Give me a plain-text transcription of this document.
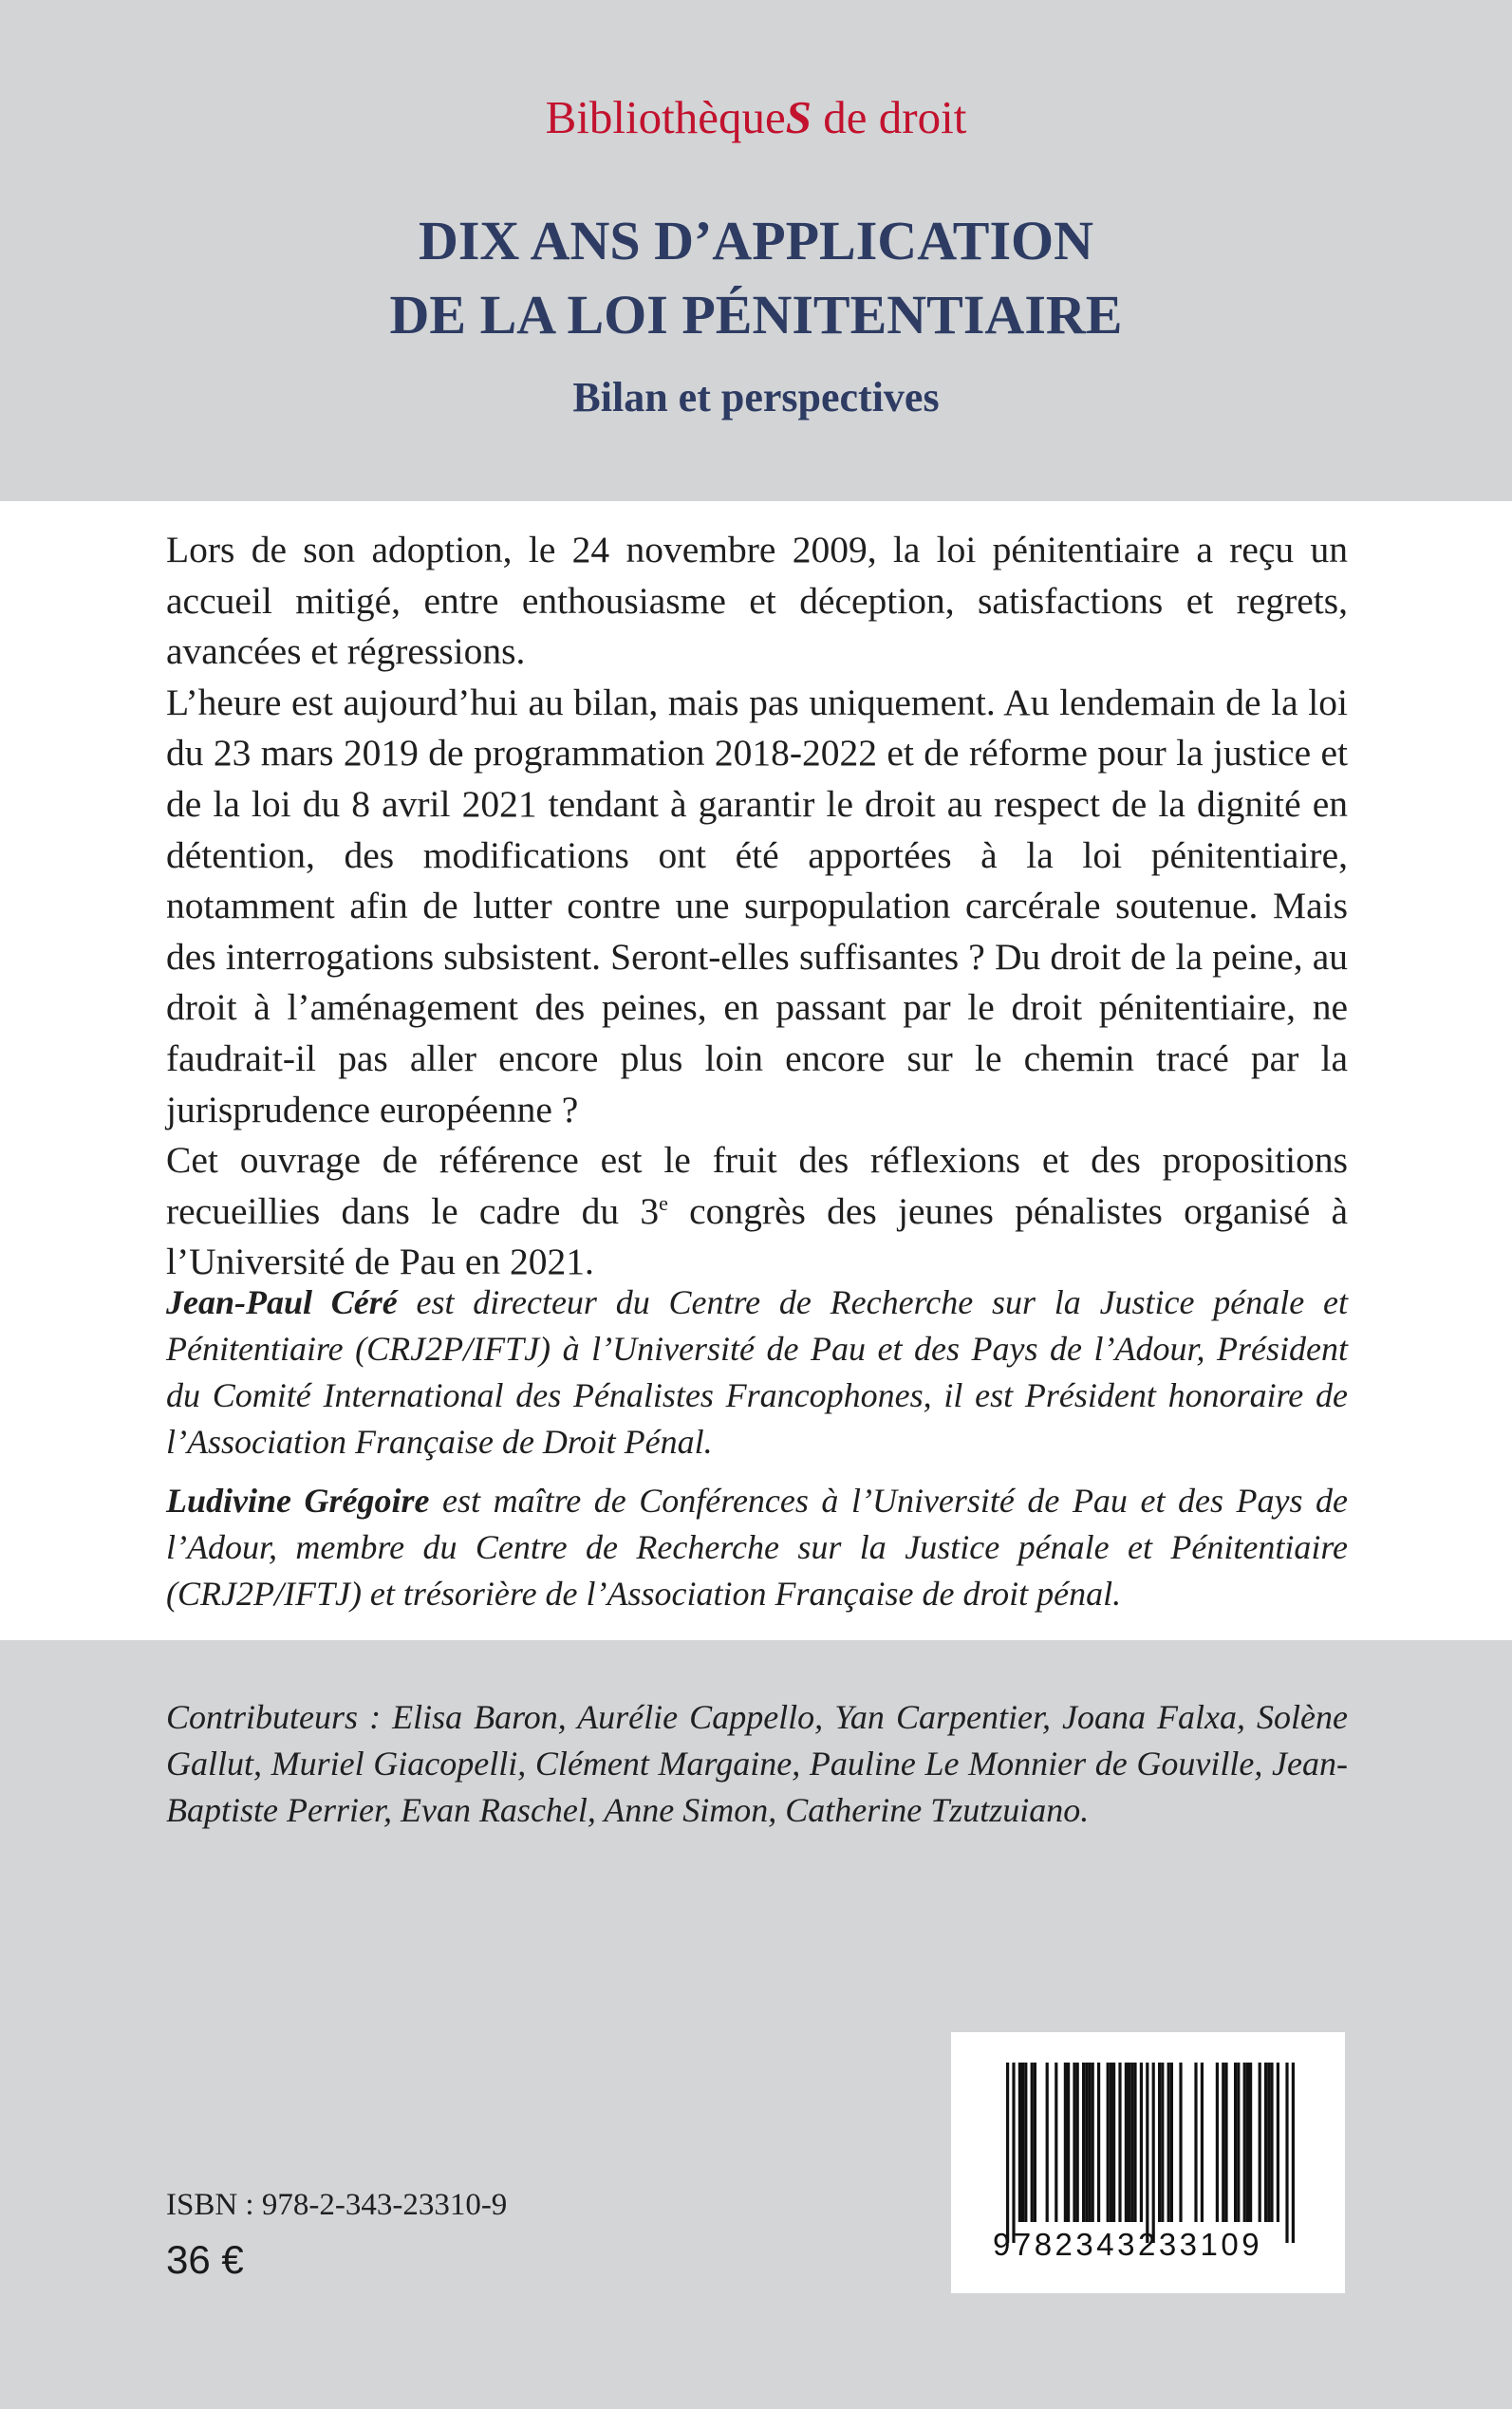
BibliothèqueS de droit
DIX ANS D’APPLICATION
DE LA LOI PÉNITENTIAIRE
Bilan et perspectives

Lors de son adoption, le 24 novembre 2009, la loi pénitentiaire a reçu un accueil mitigé, entre enthousiasme et déception, satisfactions et regrets, avancées et régressions.

L’heure est aujourd’hui au bilan, mais pas uniquement. Au lendemain de la loi du 23 mars 2019 de programmation 2018-2022 et de réforme pour la justice et de la loi du 8 avril 2021 tendant à garantir le droit au respect de la dignité en détention, des modifications ont été apportées à la loi pénitentiaire, notamment afin de lutter contre une surpopulation carcérale soutenue. Mais des interrogations subsistent. Seront-elles suffisantes ? Du droit de la peine, au droit à l’aménagement des peines, en passant par le droit pénitentiaire, ne faudrait-il pas aller encore plus loin encore sur le chemin tracé par la jurisprudence européenne ?

Cet ouvrage de référence est le fruit des réflexions et des propositions recueillies dans le cadre du 3e congrès des jeunes pénalistes organisé à l’Université de Pau en 2021.

Jean-Paul Céré est directeur du Centre de Recherche sur la Justice pénale et Pénitentiaire (CRJ2P/IFTJ) à l’Université de Pau et des Pays de l’Adour, Président du Comité International des Pénalistes Francophones, il est Président honoraire de l’Association Française de Droit Pénal.

Ludivine Grégoire est maître de Conférences à l’Université de Pau et des Pays de l’Adour, membre du Centre de Recherche sur la Justice pénale et Pénitentiaire (CRJ2P/IFTJ) et trésorière de l’Association Française de droit pénal.

Contributeurs : Elisa Baron, Aurélie Cappello, Yan Carpentier, Joana Falxa, Solène Gallut, Muriel Giacopelli, Clément Margaine, Pauline Le Monnier de Gouville, Jean-Baptiste Perrier, Evan Raschel, Anne Simon, Catherine Tzutzuiano.
ISBN : 978-2-343-23310-9
36 €	9782343233109
